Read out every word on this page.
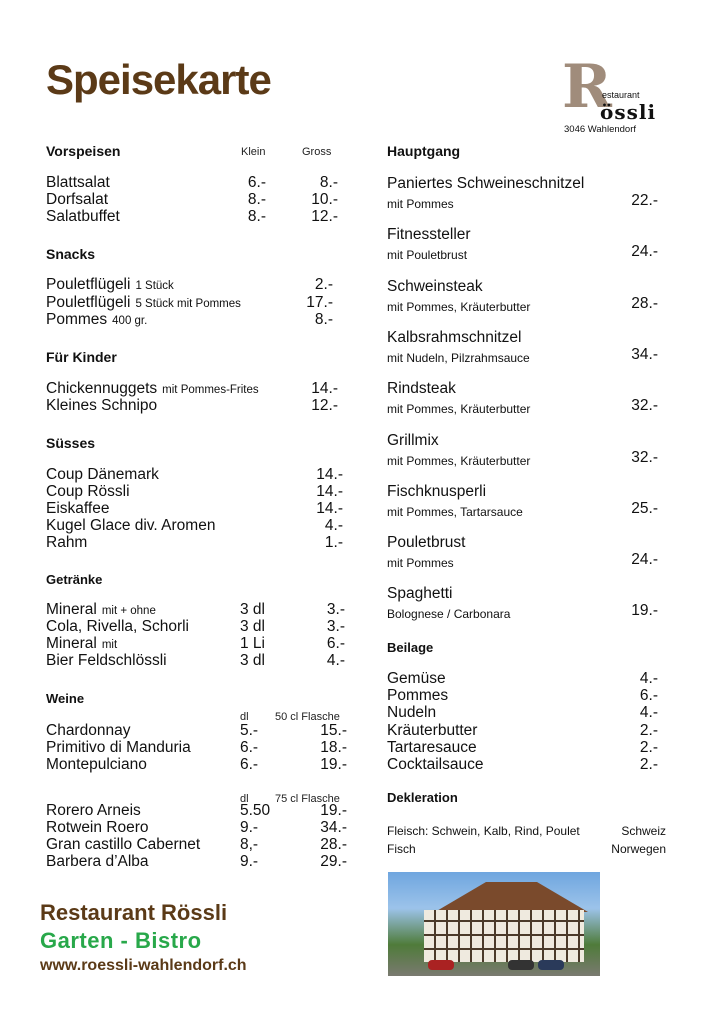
Speisekarte	R
estaurant
össli
3046 Wahlendorf
Vorspeisen	Klein	Gross
Blattsalat	6.-	8.-
Dorfsalat	8.-	10.-
Salatbuffet	8.-	12.-
Snacks
Pouletflügeli 1 Stück	2.-
Pouletflügeli 5 Stück mit Pommes	17.-
Pommes 400 gr.	8.-
Für Kinder
Chickennuggets mit Pommes-Frites	14.-
Kleines Schnipo	12.-
Süsses
Coup Dänemark	14.-
Coup Rössli	14.-
Eiskaffee	14.-
Kugel Glace div. Aromen	4.-
Rahm	1.-
Getränke
Mineral mit + ohne	3 dl	3.-
Cola, Rivella, Schorli	3 dl	3.-
Mineral mit	1 Li	6.-
Bier Feldschlössli	3 dl	4.-
Weine
dl 50 cl Flasche
Chardonnay	5.-	15.-
Primitivo di Manduria	6.-	18.-
Montepulciano	6.-	19.-
dl 75 cl Flasche
Rorero Arneis	5.50	19.-
Rotwein Roero	9.-	34.-
Gran castillo Cabernet	8,-	28.-
Barbera d’Alba	9.-	29.-
Hauptgang
Paniertes Schweineschnitzel
mit Pommes	22.-
Fitnessteller
mit Pouletbrust	24.-
Schweinsteak
mit Pommes, Kräuterbutter	28.-
Kalbsrahmschnitzel
mit Nudeln, Pilzrahmsauce	34.-
Rindsteak
mit Pommes, Kräuterbutter	32.-
Grillmix
mit Pommes, Kräuterbutter	32.-
Fischknusperli
mit Pommes, Tartarsauce	25.-
Pouletbrust
mit Pommes	24.-
Spaghetti
Bolognese / Carbonara	19.-
Beilage
Gemüse	4.-
Pommes	6.-
Nudeln	4.-
Kräuterbutter	2.-
Tartaresauce	2.-
Cocktailsauce	2.-
Dekleration
Fleisch: Schwein, Kalb, Rind, Poulet	Schweiz
Fisch	Norwegen
Restaurant Rössli
Garten - Bistro
www.roessli-wahlendorf.ch
